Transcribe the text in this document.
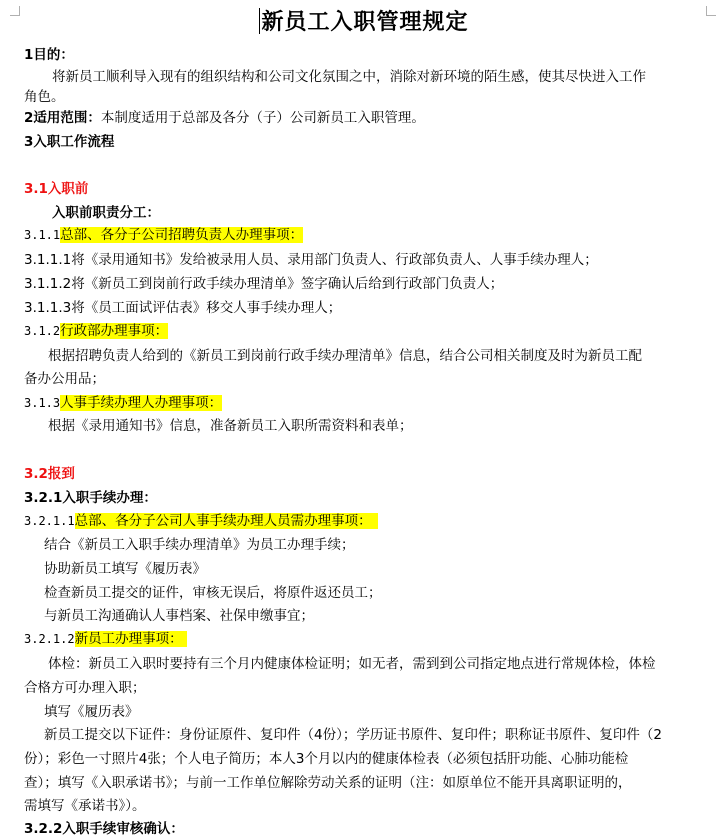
新员工入职管理规定
1目的：
将新员工顺利导入现有的组织结构和公司文化氛围之中，消除对新环境的陌生感，使其尽快进入工作
角色。
2适用范围：本制度适用于总部及各分（子）公司新员工入职管理。
3入职工作流程
3.1入职前
入职前职责分工：
3.1.1总部、各分子公司招聘负责人办理事项：
3.1.1.1将《录用通知书》发给被录用人员、录用部门负责人、行政部负责人、人事手续办理人；
3.1.1.2将《新员工到岗前行政手续办理清单》签字确认后给到行政部门负责人；
3.1.1.3将《员工面试评估表》移交人事手续办理人；
3.1.2行政部办理事项：
根据招聘负责人给到的《新员工到岗前行政手续办理清单》信息，结合公司相关制度及时为新员工配
备办公用品；
3.1.3人事手续办理人办理事项：
根据《录用通知书》信息，准备新员工入职所需资料和表单；
3.2报到
3.2.1入职手续办理：
3.2.1.1总部、各分子公司人事手续办理人员需办理事项：
结合《新员工入职手续办理清单》为员工办理手续；
协助新员工填写《履历表》
检查新员工提交的证件，审核无误后，将原件返还员工；
与新员工沟通确认人事档案、社保申缴事宜；
3.2.1.2新员工办理事项：
体检：新员工入职时要持有三个月内健康体检证明；如无者，需到到公司指定地点进行常规体检，体检
合格方可办理入职；
填写《履历表》
新员工提交以下证件：身份证原件、复印件（4份）；学历证书原件、复印件；职称证书原件、复印件（2
份）；彩色一寸照片4张；个人电子简历；本人3个月以内的健康体检表（必须包括肝功能、心肺功能检
查）；填写《入职承诺书》；与前一工作单位解除劳动关系的证明（注：如原单位不能开具离职证明的，
需填写《承诺书》）。
3.2.2入职手续审核确认：
